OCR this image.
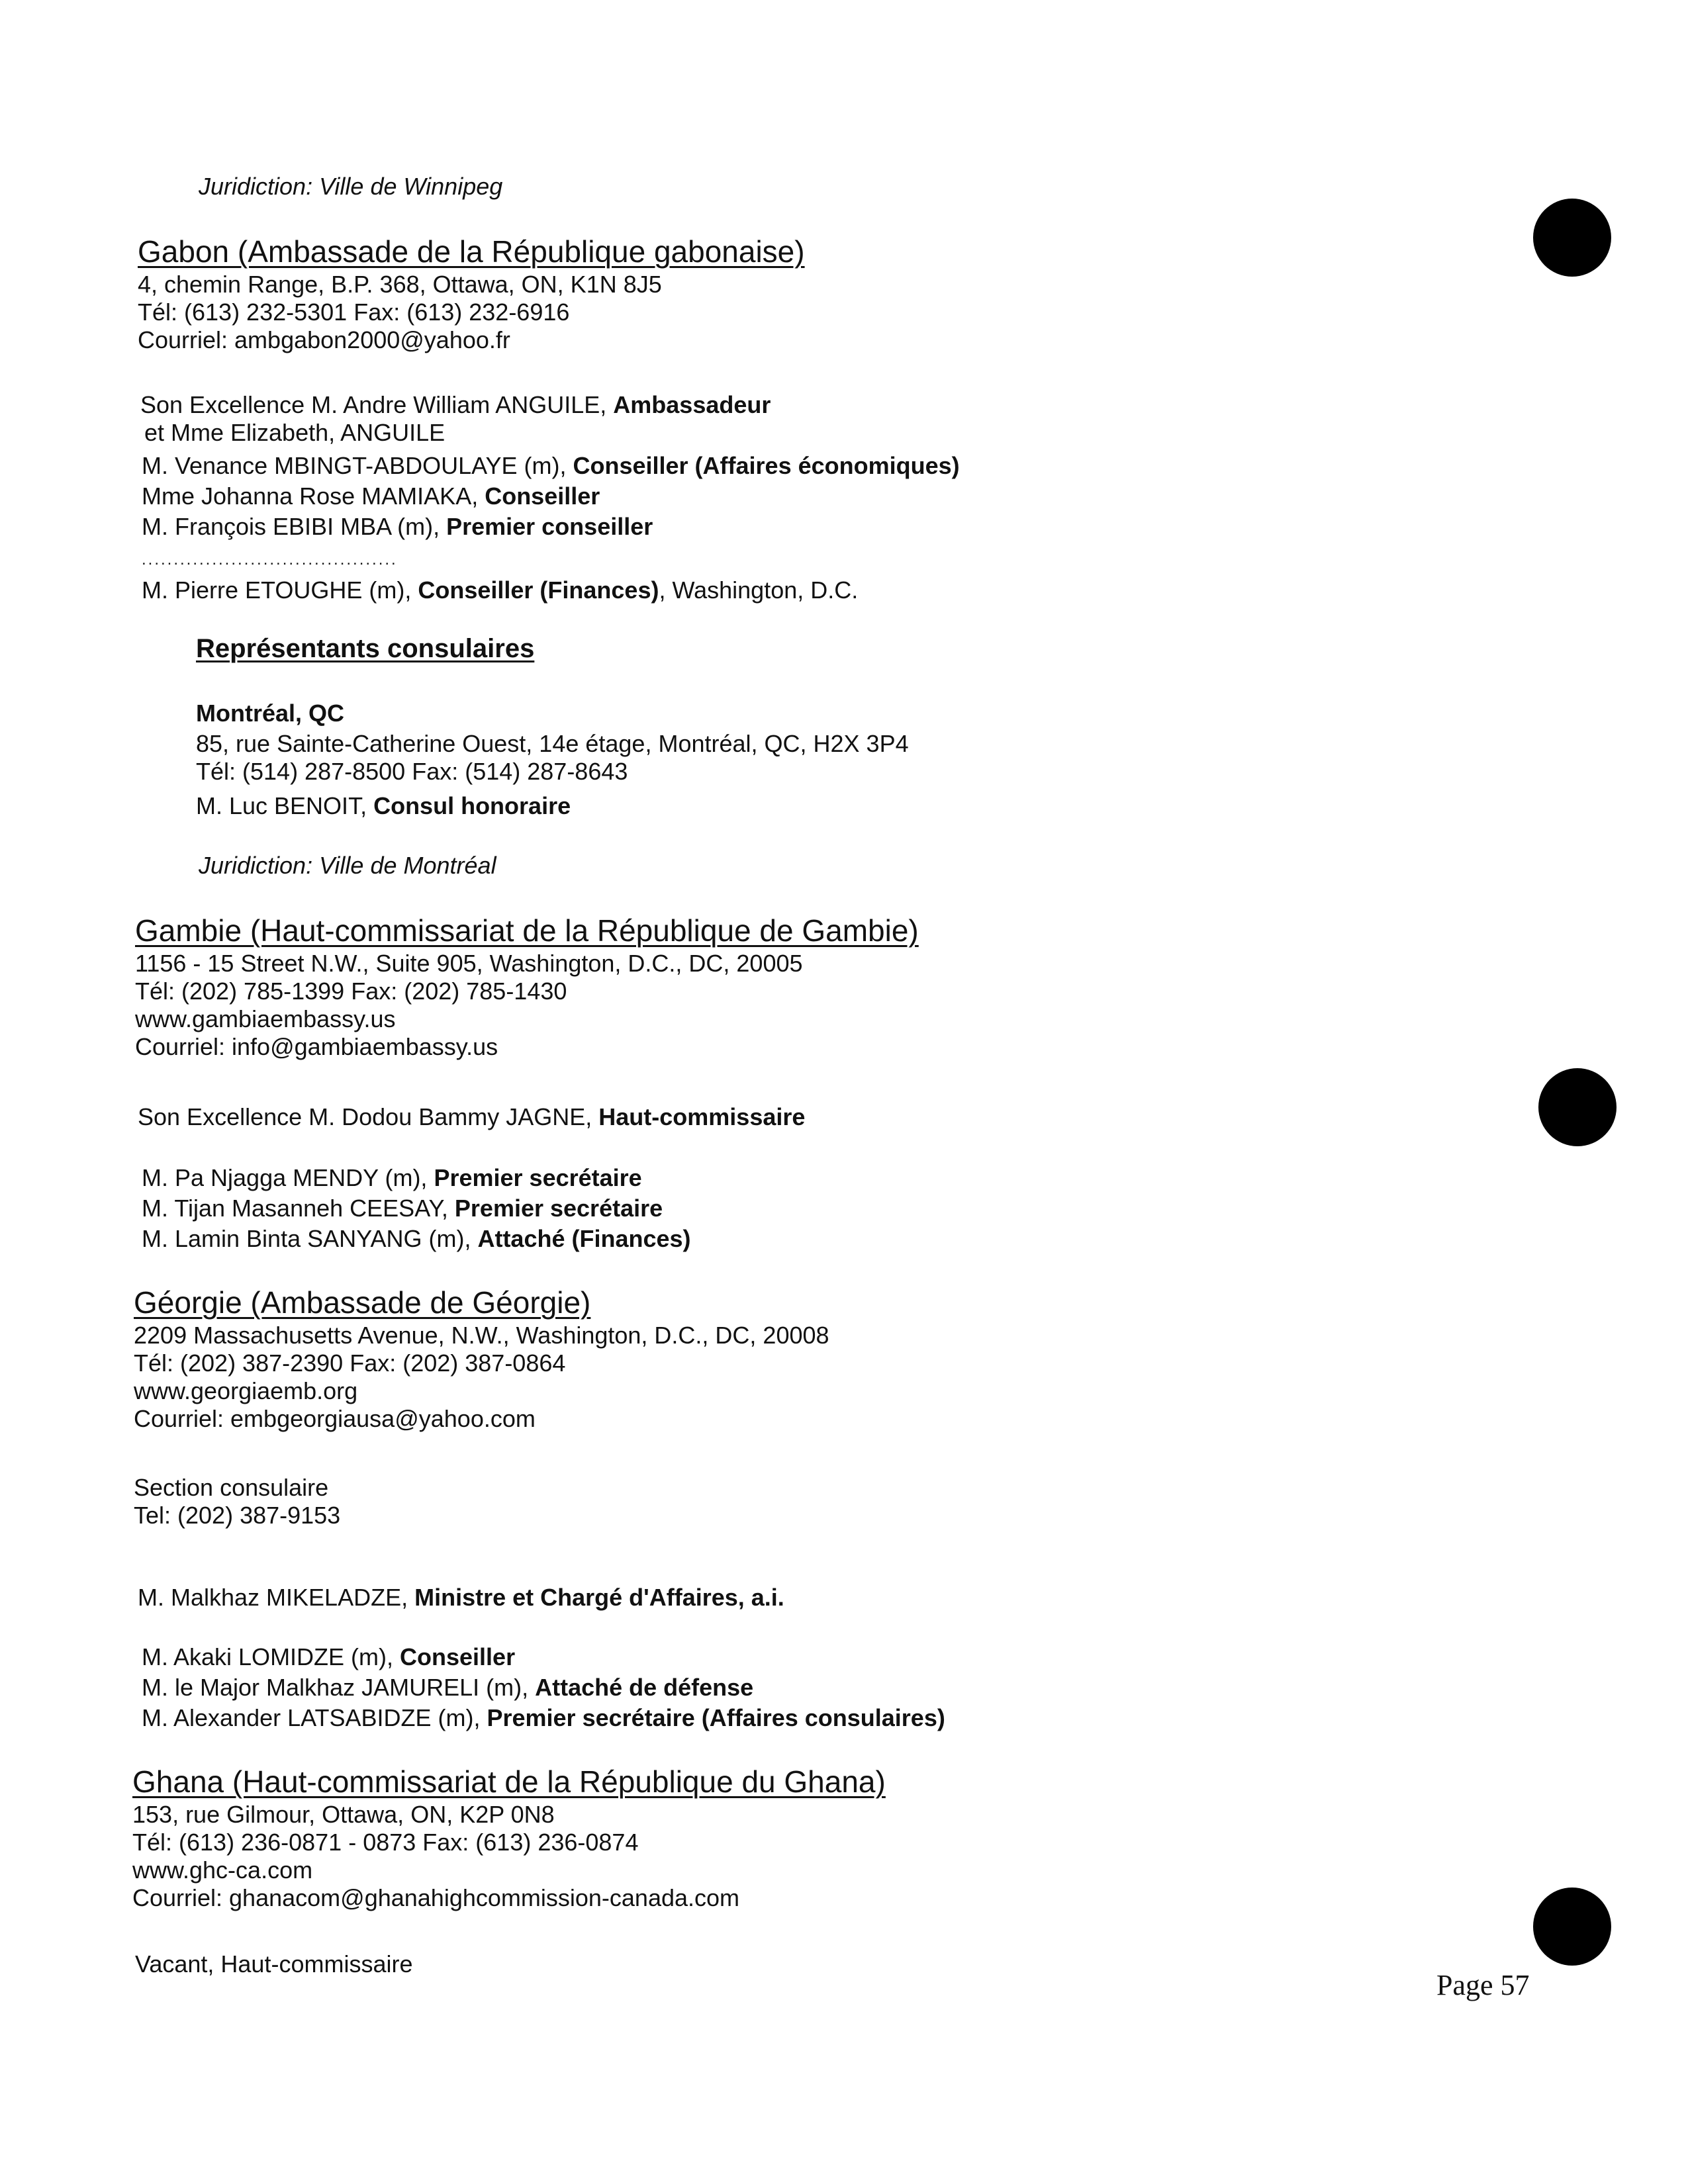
Juridiction: Ville de Winnipeg
Gabon (Ambassade de la République gabonaise)
4, chemin Range, B.P. 368, Ottawa, ON, K1N 8J5
Tél: (613) 232-5301 Fax: (613) 232-6916
Courriel: ambgabon2000@yahoo.fr
Son Excellence M. Andre William ANGUILE, Ambassadeur
et Mme Elizabeth, ANGUILE
M. Venance MBINGT-ABDOULAYE (m), Conseiller (Affaires économiques)
Mme Johanna Rose MAMIAKA, Conseiller
M. François EBIBI MBA (m), Premier conseiller
........................................
M. Pierre ETOUGHE (m), Conseiller (Finances), Washington, D.C.
Représentants consulaires
Montréal, QC
85, rue Sainte-Catherine Ouest, 14e étage, Montréal, QC, H2X 3P4
Tél: (514) 287-8500 Fax: (514) 287-8643
M. Luc BENOIT, Consul honoraire
Juridiction: Ville de Montréal
Gambie (Haut-commissariat de la République de Gambie)
1156 - 15 Street N.W., Suite 905, Washington, D.C., DC, 20005
Tél: (202) 785-1399 Fax: (202) 785-1430
www.gambiaembassy.us
Courriel: info@gambiaembassy.us
Son Excellence M. Dodou Bammy JAGNE, Haut-commissaire
M. Pa Njagga MENDY (m), Premier secrétaire
M. Tijan Masanneh CEESAY, Premier secrétaire
M. Lamin Binta SANYANG (m), Attaché (Finances)
Géorgie (Ambassade de Géorgie)
2209 Massachusetts Avenue, N.W., Washington, D.C., DC, 20008
Tél: (202) 387-2390 Fax: (202) 387-0864
www.georgiaemb.org
Courriel: embgeorgiausa@yahoo.com
Section consulaire
Tel: (202) 387-9153
M. Malkhaz MIKELADZE, Ministre et Chargé d'Affaires, a.i.
M. Akaki LOMIDZE (m), Conseiller
M. le Major Malkhaz JAMURELI (m), Attaché de défense
M. Alexander LATSABIDZE (m), Premier secrétaire (Affaires consulaires)
Ghana (Haut-commissariat de la République du Ghana)
153, rue Gilmour, Ottawa, ON, K2P 0N8
Tél: (613) 236-0871 - 0873 Fax: (613) 236-0874
www.ghc-ca.com
Courriel: ghanacom@ghanahighcommission-canada.com
Vacant, Haut-commissaire
Page 57
